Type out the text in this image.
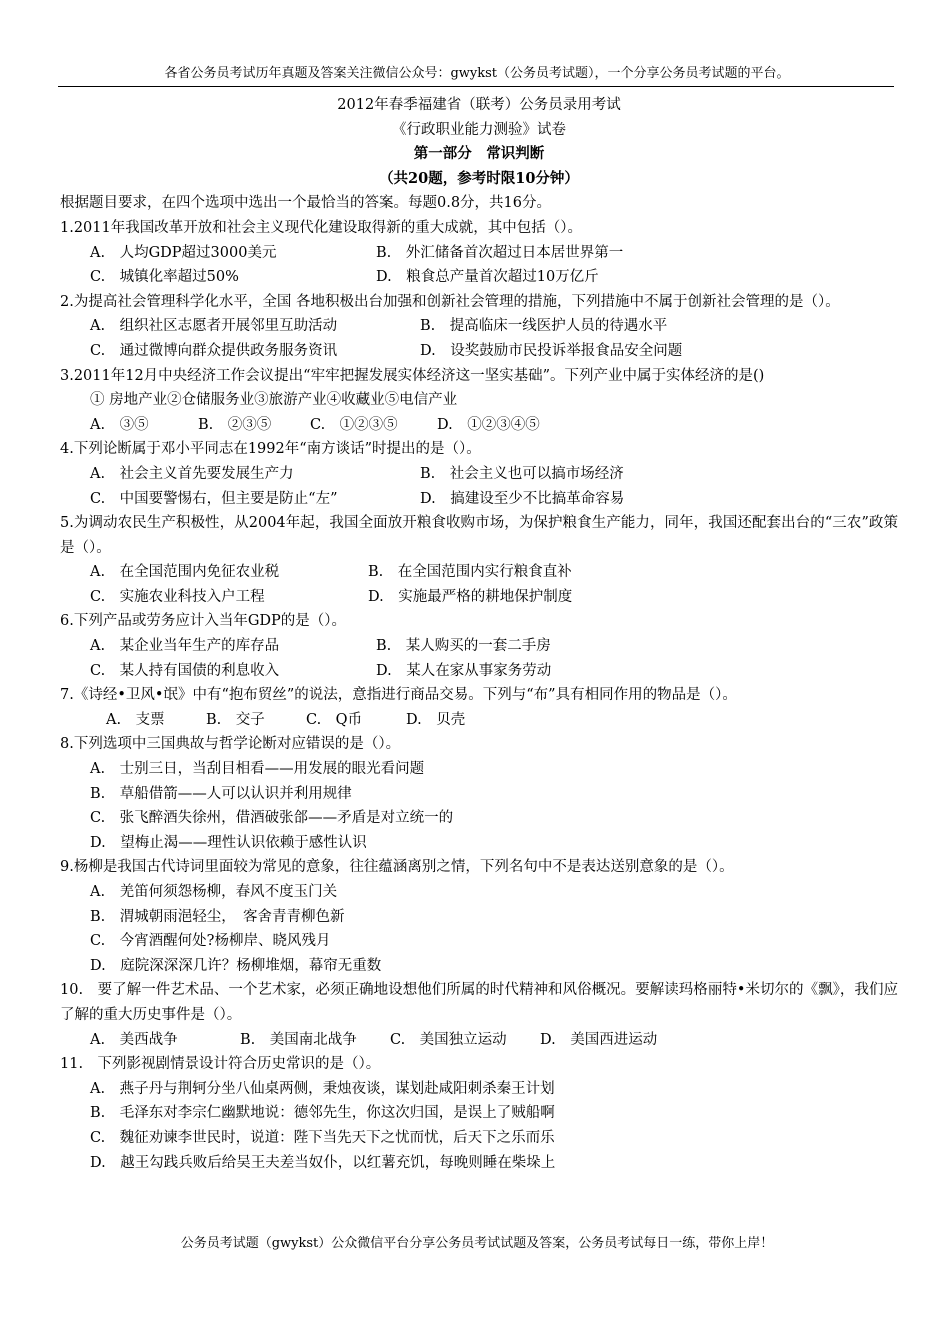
各省公务员考试历年真题及答案关注微信公众号：gwykst（公务员考试题），一个分享公务员考试题的平台。
2012年春季福建省（联考）公务员录用考试
《行政职业能力测验》试卷
第一部分　常识判断
（共20题，参考时限10分钟）
根据题目要求，在四个选项中选出一个最恰当的答案。每题0.8分，共16分。
1.2011年我国改革开放和社会主义现代化建设取得新的重大成就，其中包括（）。
A.　人均GDP超过3000美元	B.　外汇储备首次超过日本居世界第一
C.　城镇化率超过50%	D.　粮食总产量首次超过10万亿斤
2.为提高社会管理科学化水平，全国 各地积极出台加强和创新社会管理的措施，下列措施中不属于创新社会管理的是（）。
A.　组织社区志愿者开展邻里互助活动	B.　提高临床一线医护人员的待遇水平
C.　通过微博向群众提供政务服务资讯	D.　设奖鼓励市民投诉举报食品安全问题
3.2011年12月中央经济工作会议提出“牢牢把握发展实体经济这一坚实基础”。下列产业中属于实体经济的是()
① 房地产业②仓储服务业③旅游产业④收藏业⑤电信产业
A.　③⑤	B.　②③⑤	C.　①②③⑤	D.　①②③④⑤
4.下列论断属于邓小平同志在1992年“南方谈话”时提出的是（）。
A.　社会主义首先要发展生产力	B.　社会主义也可以搞市场经济
C.　中国要警惕右，但主要是防止“左”	D.　搞建设至少不比搞革命容易
5.为调动农民生产积极性，从2004年起，我国全面放开粮食收购市场，为保护粮食生产能力，同年，我国还配套出台的“三农”政策是（）。
A.　在全国范围内免征农业税	B.　在全国范围内实行粮食直补
C.　实施农业科技入户工程	D.　实施最严格的耕地保护制度
6.下列产品或劳务应计入当年GDP的是（）。
A.　某企业当年生产的库存品	B.　某人购买的一套二手房
C.　某人持有国债的利息收入	D.　某人在家从事家务劳动
7.《诗经•卫风•氓》中有“抱布贸丝”的说法，意指进行商品交易。下列与“布”具有相同作用的物品是（）。
A.　支票	B.　交子	C.　Q币	D.　贝壳
8.下列选项中三国典故与哲学论断对应错误的是（）。
A.　士别三日，当刮目相看——用发展的眼光看问题
B.　草船借箭——人可以认识并利用规律
C.　张飞醉酒失徐州，借酒破张郃——矛盾是对立统一的
D.　望梅止渴——理性认识依赖于感性认识
9.杨柳是我国古代诗词里面较为常见的意象，往往蕴涵离别之情，下列名句中不是表达送别意象的是（）。
A.　羌笛何须怨杨柳，春风不度玉门关
B.　渭城朝雨浥轻尘，　客舍青青柳色新
C.　今宵酒醒何处?杨柳岸、晓风残月
D.　庭院深深深几许？杨柳堆烟，幕帘无重数
10.　要了解一件艺术品、一个艺术家，必须正确地设想他们所属的时代精神和风俗概况。要解读玛格丽特•米切尔的《飘》，我们应了解的重大历史事件是（）。
A.　美西战争	B.　美国南北战争	C.　美国独立运动	D.　美国西进运动
11.　下列影视剧情景设计符合历史常识的是（）。
A.　燕子丹与荆轲分坐八仙桌两侧，秉烛夜谈，谋划赴咸阳刺杀秦王计划
B.　毛泽东对李宗仁幽默地说：德邻先生，你这次归国，是误上了贼船啊
C.　魏征劝谏李世民时，说道：陛下当先天下之忧而忧，后天下之乐而乐
D.　越王勾践兵败后给吴王夫差当奴仆，以红薯充饥，每晚则睡在柴垛上
公务员考试题（gwykst）公众微信平台分享公务员考试试题及答案，公务员考试每日一练，带你上岸！
